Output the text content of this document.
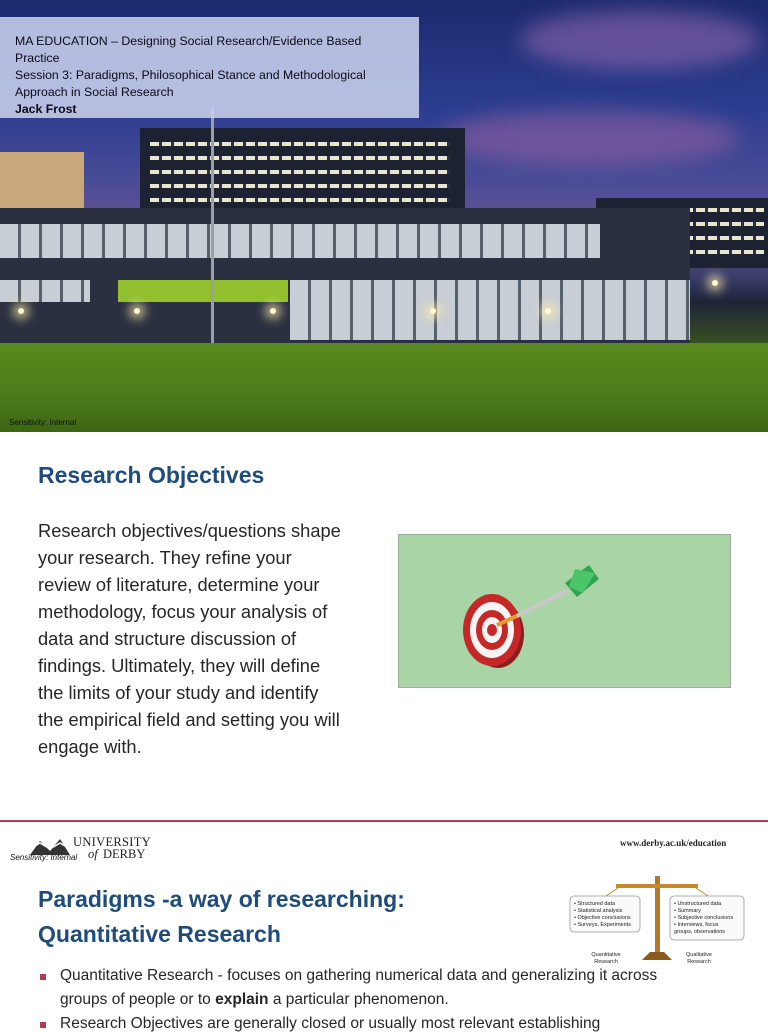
MA EDUCATION – Designing Social Research/Evidence Based
Practice
Session 3: Paradigms, Philosophical Stance and Methodological
Approach in Social Research
Jack Frost
Sensitivity: Internal
Research Objectives
Research objectives/questions shape
your research. They refine your
review of literature, determine your
methodology, focus your analysis of
data and structure discussion of
findings. Ultimately, they will define
the limits of your study and identify
the empirical field and setting you will
engage with.
UNIVERSITY
of DERBY
Sensitivity: Internal
www.derby.ac.uk/education
Paradigms -a way of researching:
Quantitative Research
• Structured data
• Statistical analysis
• Objective conclusions
• Surveys, Experiments
• Unstructured data
• Summary
• Subjective conclusions
• Interviews, focus
groups, observations
Quantitative
Research
Qualitative
Research
Quantitative Research - focuses on gathering numerical data and generalizing it across
groups of people or to explain a particular phenomenon.
Research Objectives are generally closed or usually most relevant establishing
